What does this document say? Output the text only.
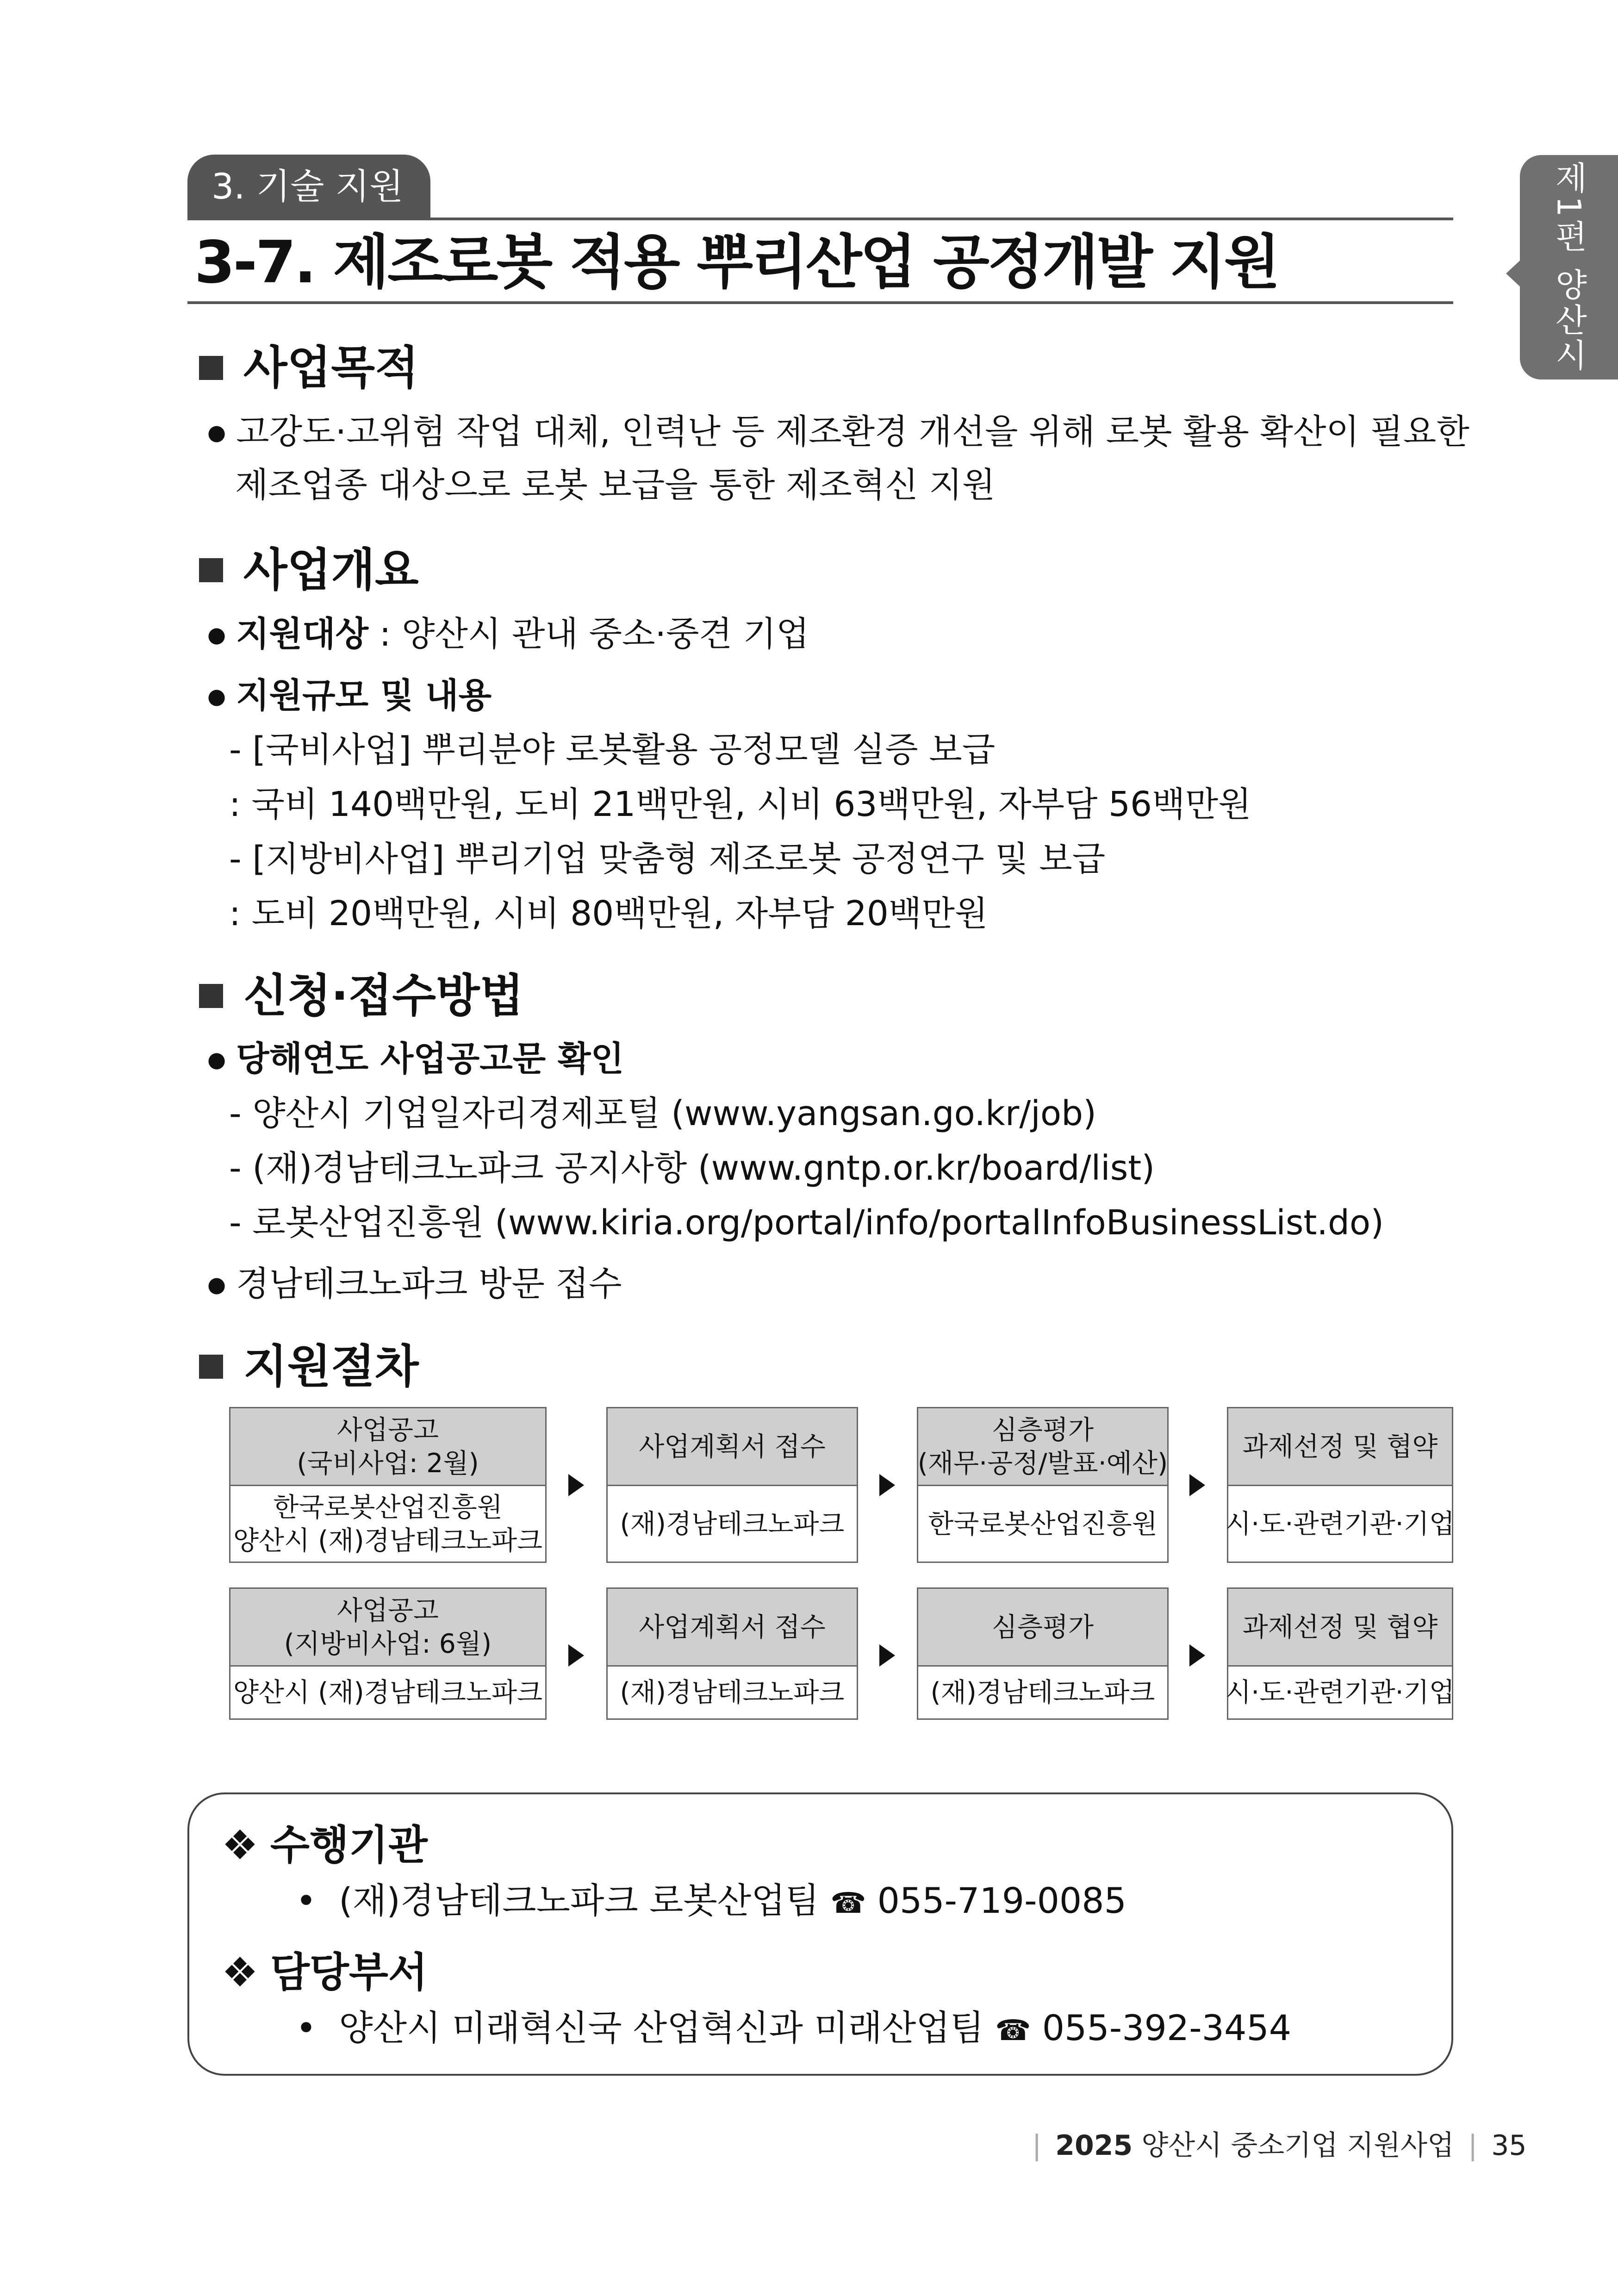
3. 기술 지원
3-7. 제조로봇 적용 뿌리산업 공정개발 지원	제1편 양산시
사업목적
● 고강도·고위험 작업 대체, 인력난 등 제조환경 개선을 위해 로봇 활용 확산이 필요한
제조업종 대상으로 로봇 보급을 통한 제조혁신 지원
사업개요
● 지원대상 : 양산시 관내 중소·중견 기업
● 지원규모 및 내용
- [국비사업] 뿌리분야 로봇활용 공정모델 실증 보급
: 국비 140백만원, 도비 21백만원, 시비 63백만원, 자부담 56백만원
- [지방비사업] 뿌리기업 맞춤형 제조로봇 공정연구 및 보급
: 도비 20백만원, 시비 80백만원, 자부담 20백만원
신청·접수방법
● 당해연도 사업공고문 확인
- 양산시 기업일자리경제포털 (www.yangsan.go.kr/job)
- (재)경남테크노파크 공지사항 (www.gntp.or.kr/board/list)
- 로봇산업진흥원 (www.kiria.org/portal/info/portalInfoBusinessList.do)
● 경남테크노파크 방문 접수
지원절차
사업공고
(국비사업: 2월)
한국로봇산업진흥원
양산시 (재)경남테크노파크
사업계획서 접수
(재)경남테크노파크
심층평가
(재무·공정/발표·예산)
한국로봇산업진흥원
과제선정 및 협약
시·도·관련기관·기업
사업공고
(지방비사업: 6월)
양산시 (재)경남테크노파크
사업계획서 접수
(재)경남테크노파크
심층평가
(재)경남테크노파크
과제선정 및 협약
시·도·관련기관·기업
❖ 수행기관
•  (재)경남테크노파크 로봇산업팀 ☎ 055-719-0085
❖ 담당부서
•  양산시 미래혁신국 산업혁신과 미래산업팀 ☎ 055-392-3454
| 2025 양산시 중소기업 지원사업 | 35
